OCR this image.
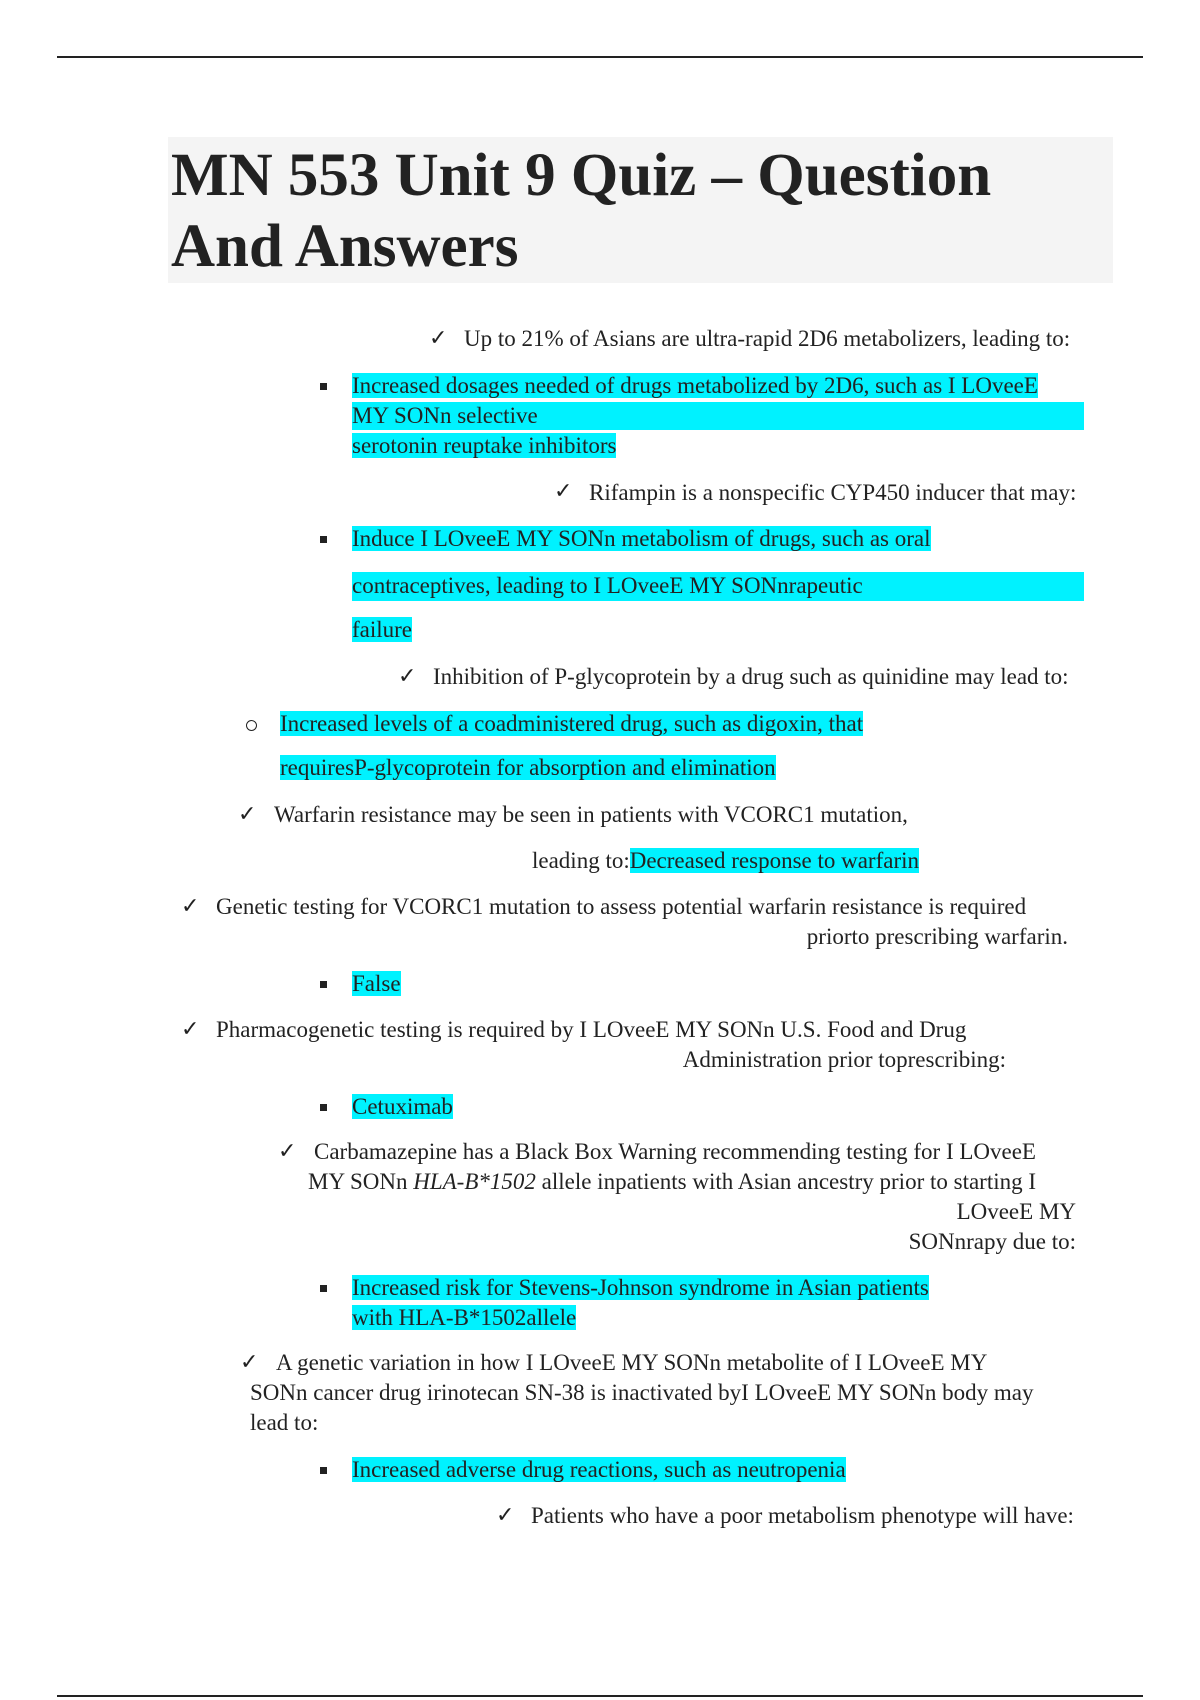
MN 553 Unit 9 Quiz – Question
And Answers
✓ Up to 21% of Asians are ultra-rapid 2D6 metabolizers, leading to:
Increased dosages needed of drugs metabolized by 2D6, such as I LOveeE
MY SONn selective
serotonin reuptake inhibitors
✓ Rifampin is a nonspecific CYP450 inducer that may:
Induce I LOveeE MY SONn metabolism of drugs, such as oral
contraceptives, leading to I LOveeE MY SONnrapeutic
failure
✓ Inhibition of P-glycoprotein by a drug such as quinidine may lead to:
Increased levels of a coadministered drug, such as digoxin, that
requiresP-glycoprotein for absorption and elimination
✓ Warfarin resistance may be seen in patients with VCORC1 mutation,
leading to:Decreased response to warfarin
✓ Genetic testing for VCORC1 mutation to assess potential warfarin resistance is required
priorto prescribing warfarin.
False
✓ Pharmacogenetic testing is required by I LOveeE MY SONn U.S. Food and Drug
Administration prior toprescribing:
Cetuximab
✓ Carbamazepine has a Black Box Warning recommending testing for I LOveeE
MY SONn HLA-B*1502 allele inpatients with Asian ancestry prior to starting I
LOveeE MY
SONnrapy due to:
Increased risk for Stevens-Johnson syndrome in Asian patients
with HLA-B*1502allele
✓ A genetic variation in how I LOveeE MY SONn metabolite of I LOveeE MY
SONn cancer drug irinotecan SN-38 is inactivated byI LOveeE MY SONn body may
lead to:
Increased adverse drug reactions, such as neutropenia
✓ Patients who have a poor metabolism phenotype will have:
